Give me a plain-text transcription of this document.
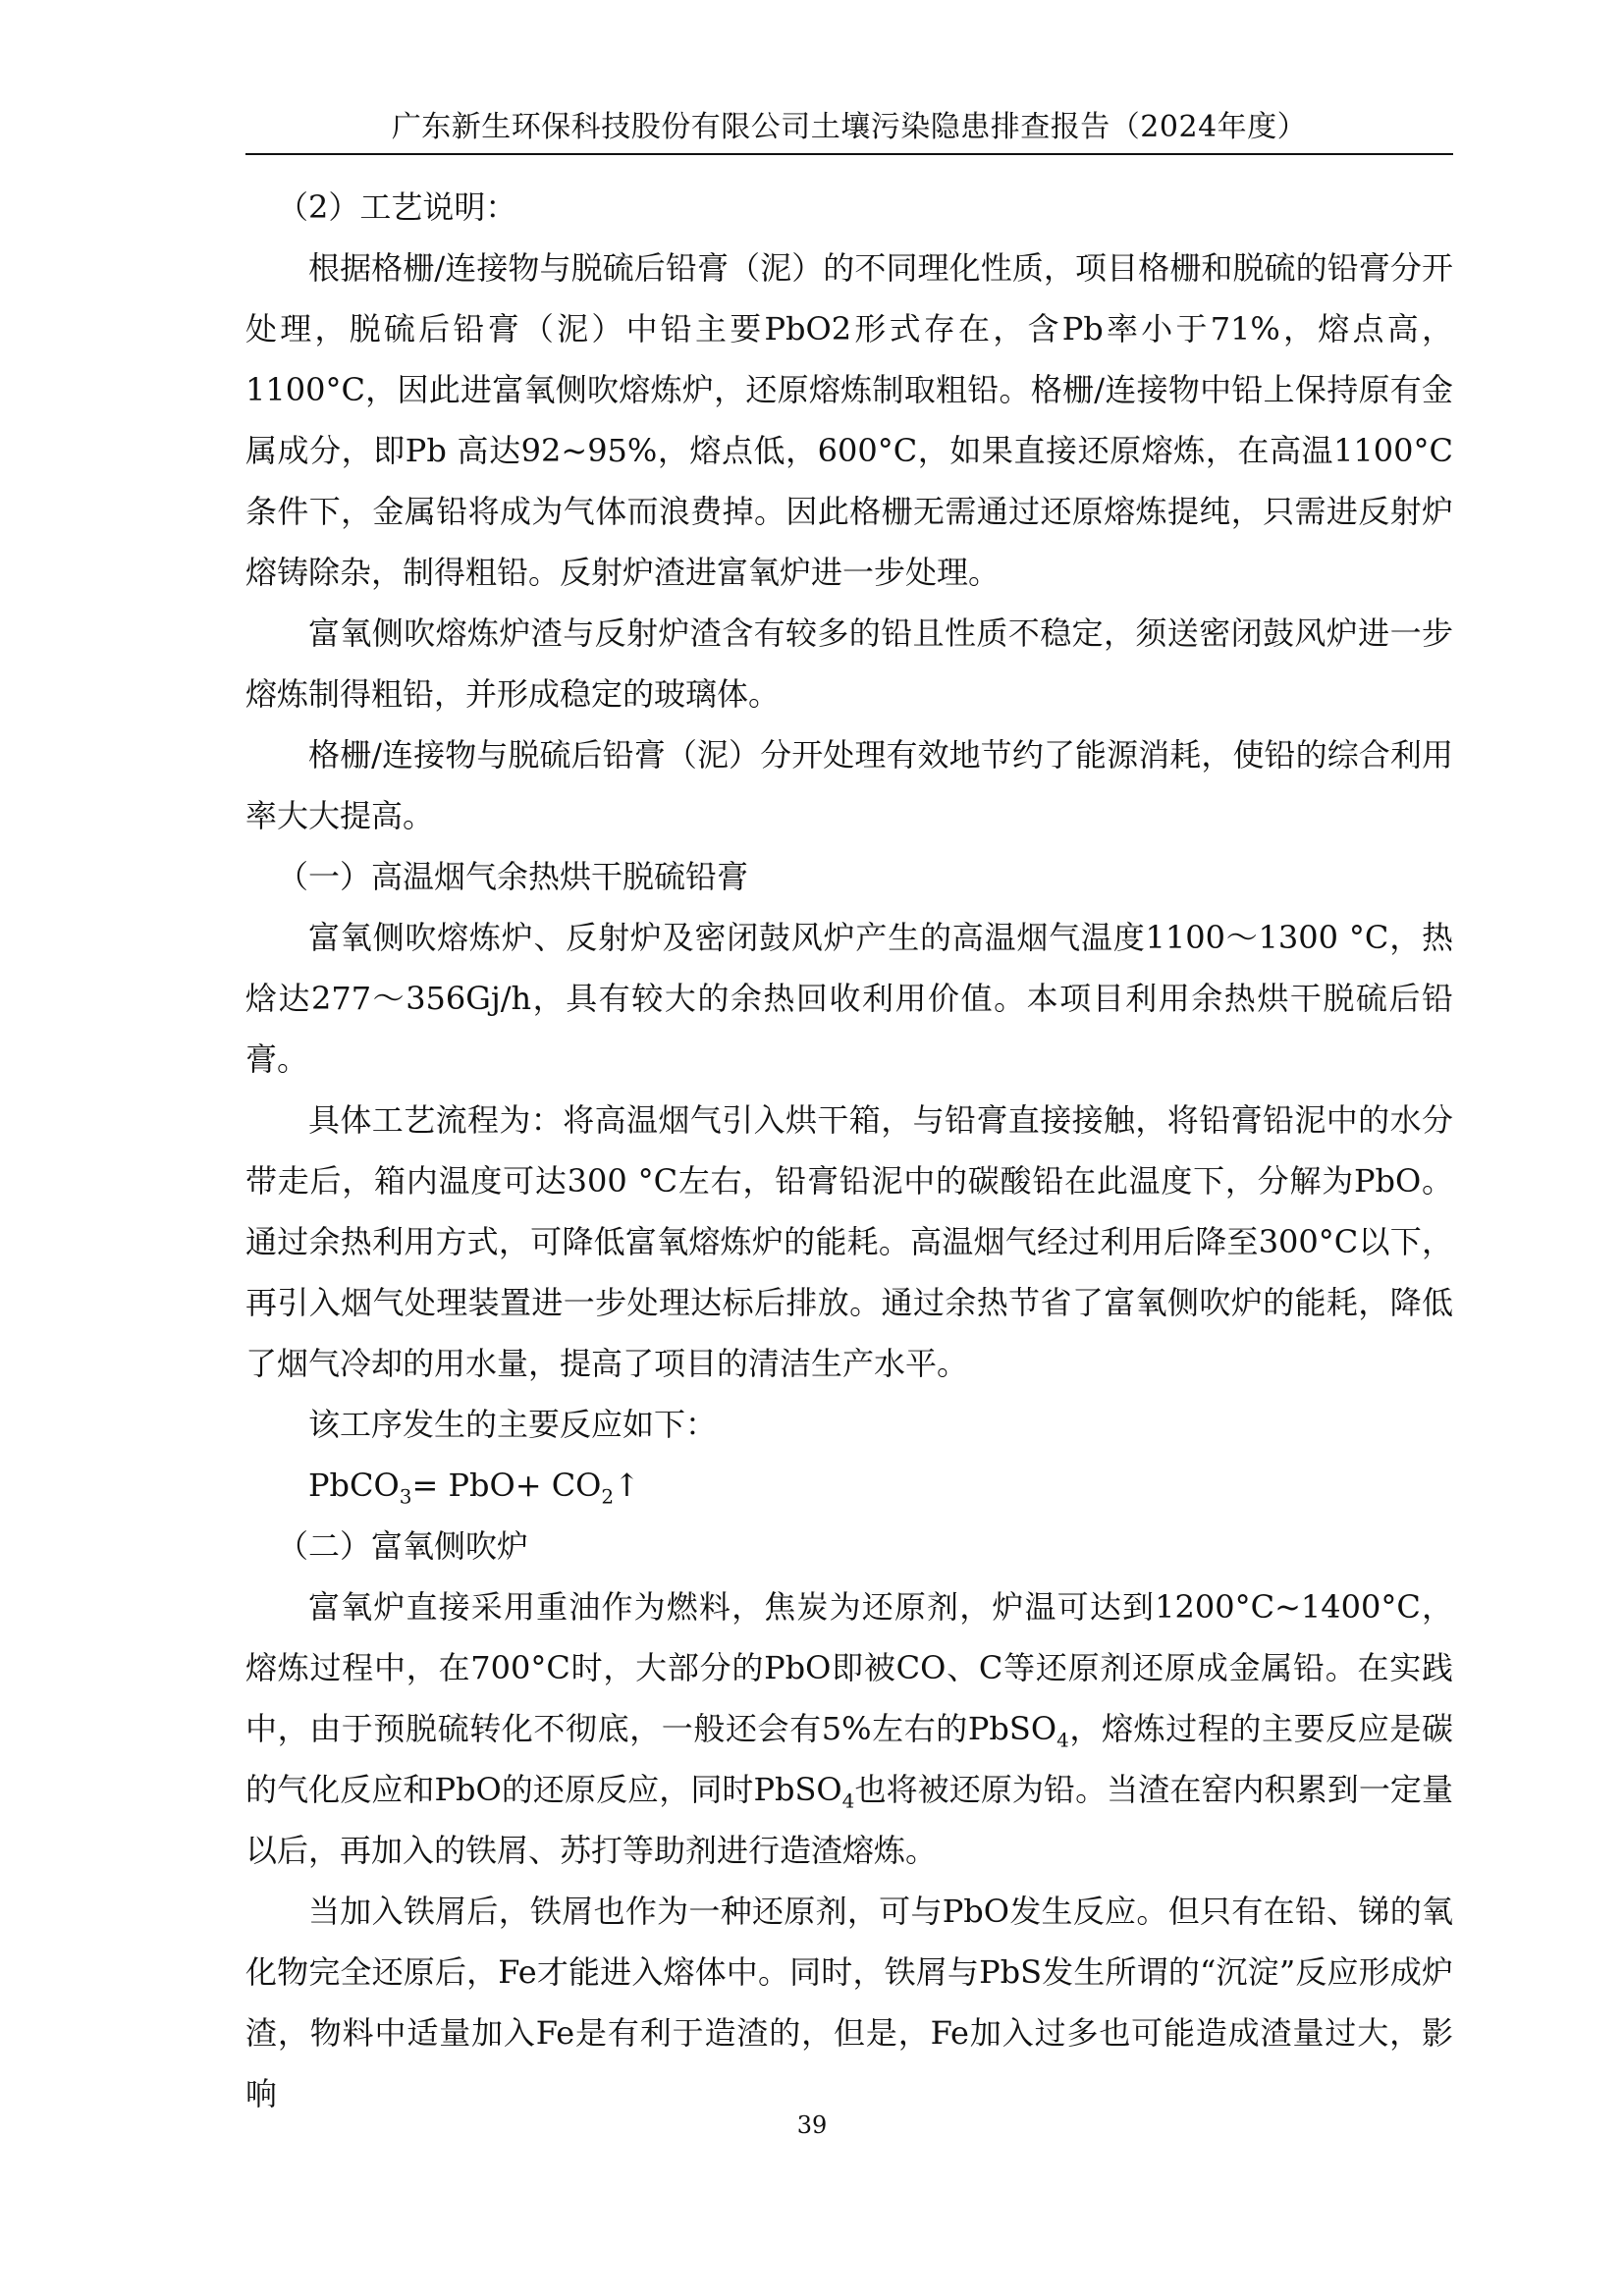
广东新生环保科技股份有限公司土壤污染隐患排查报告（2024年度）

（2）工艺说明：

根据格栅/连接物与脱硫后铅膏（泥）的不同理化性质，项目格栅和脱硫的铅膏分开处理，脱硫后铅膏（泥）中铅主要PbO2形式存在，含Pb率小于71%，熔点高，1100°C，因此进富氧侧吹熔炼炉，还原熔炼制取粗铅。格栅/连接物中铅上保持原有金属成分，即Pb 高达92~95%，熔点低，600°C，如果直接还原熔炼，在高温1100°C条件下，金属铅将成为气体而浪费掉。因此格栅无需通过还原熔炼提纯，只需进反射炉熔铸除杂，制得粗铅。反射炉渣进富氧炉进一步处理。

富氧侧吹熔炼炉渣与反射炉渣含有较多的铅且性质不稳定，须送密闭鼓风炉进一步熔炼制得粗铅，并形成稳定的玻璃体。

格栅/连接物与脱硫后铅膏（泥）分开处理有效地节约了能源消耗，使铅的综合利用率大大提高。

（一）高温烟气余热烘干脱硫铅膏

富氧侧吹熔炼炉、反射炉及密闭鼓风炉产生的高温烟气温度1100～1300 °C，热焓达277～356Gj/h，具有较大的余热回收利用价值。本项目利用余热烘干脱硫后铅膏。

具体工艺流程为：将高温烟气引入烘干箱，与铅膏直接接触，将铅膏铅泥中的水分带走后，箱内温度可达300 °C左右，铅膏铅泥中的碳酸铅在此温度下，分解为PbO。通过余热利用方式，可降低富氧熔炼炉的能耗。高温烟气经过利用后降至300°C以下，再引入烟气处理装置进一步处理达标后排放。通过余热节省了富氧侧吹炉的能耗，降低了烟气冷却的用水量，提高了项目的清洁生产水平。

该工序发生的主要反应如下：

PbCO$_3$= $PbO+ CO_2↑$

（二）富氧侧吹炉

富氧炉直接采用重油作为燃料，焦炭为还原剂，炉温可达到1200°C~1400°C，熔炼过程中，在700°C时，大部分的PbO即被CO、C等还原剂还原成金属铅。在实践中，由于预脱硫转化不彻底，一般还会有5%左右的PbSO$_4$，熔炼过程的主要反应是碳的气化反应和PbO的还原反应，同时PbSO$_4$也将被还原为铅。当渣在窑内积累到一定量以后，再加入的铁屑、苏打等助剂进行造渣熔炼。

当加入铁屑后，铁屑也作为一种还原剂，可与PbO发生反应。但只有在铅、锑的氧化物完全还原后，Fe才能进入熔体中。同时，铁屑与PbS发生所谓的“沉淀”反应形成炉渣，物料中适量加入Fe是有利于造渣的，但是，Fe加入过多也可能造成渣量过大，影响

39
